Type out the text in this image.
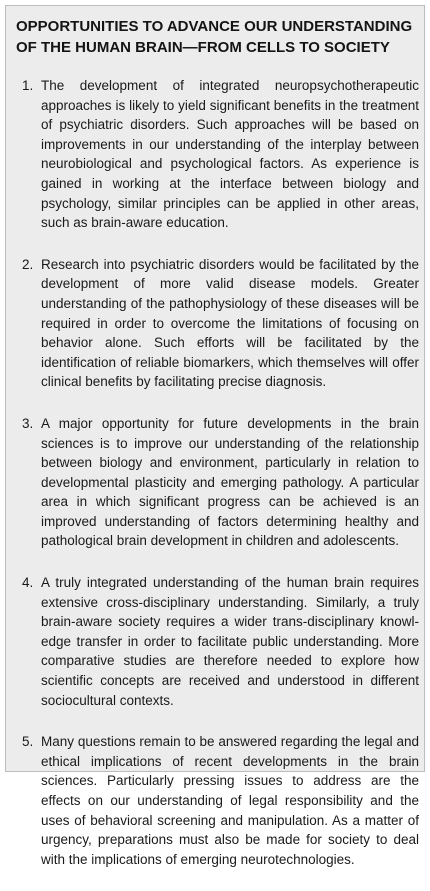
OPPORTUNITIES TO ADVANCE OUR UNDERSTANDING OF THE HUMAN BRAIN—FROM CELLS TO SOCIETY
1. The development of integrated neuropsychotherapeutic approaches is likely to yield significant benefits in the treatment of psychiatric disorders. Such approaches will be based on improvements in our understanding of the interplay between neurobiological and psychological factors. As experience is gained in working at the interface between biology and psychology, similar principles can be applied in other areas, such as brain-aware education.

2. Research into psychiatric disorders would be facilitated by the development of more valid disease models. Greater understanding of the pathophysiology of these diseases will be required in order to overcome the limitations of focusing on behavior alone. Such efforts will be facilitated by the identification of reliable biomarkers, which themselves will offer clinical benefits by facilitating precise diagnosis.

3. A major opportunity for future developments in the brain sciences is to improve our understanding of the relationship between biology and environment, particularly in relation to developmental plasticity and emerging pathology. A particular area in which significant progress can be achieved is an improved understanding of factors determining healthy and pathological brain development in children and adolescents.

4. A truly integrated understanding of the human brain requires extensive cross-disciplinary understanding. Similarly, a truly brain-aware society requires a wider trans-disciplinary knowledge transfer in order to facilitate public understanding. More comparative studies are therefore needed to explore how scientific concepts are received and understood in different sociocultural contexts.

5. Many questions remain to be answered regarding the legal and ethical implications of recent developments in the brain sciences. Particularly pressing issues to address are the effects on our understanding of legal responsibility and the uses of behavioral screening and manipulation. As a matter of urgency, preparations must also be made for society to deal with the implications of emerging neurotechnologies.
